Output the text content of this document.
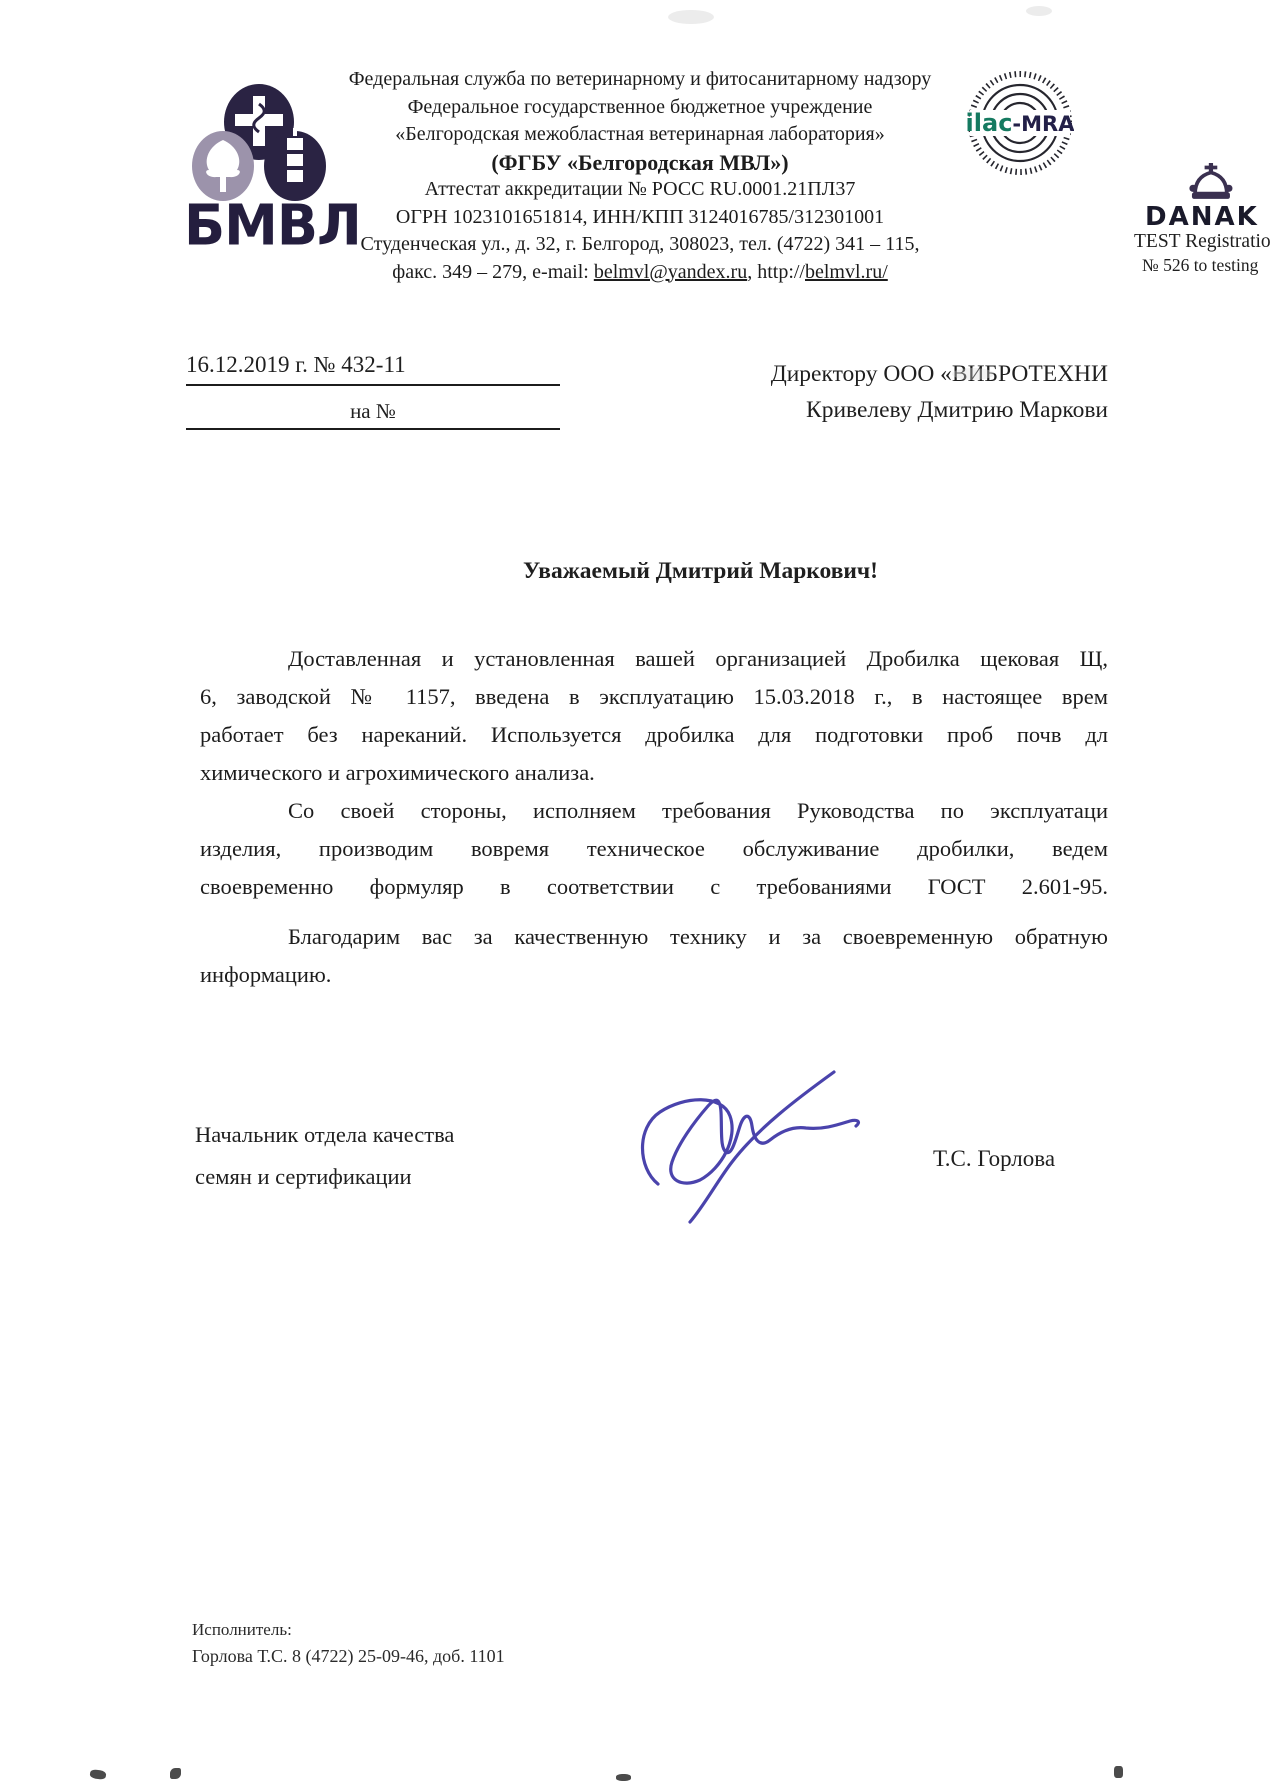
БМВЛ
Федеральная служба по ветеринарному и фитосанитарному надзору
Федеральное государственное бюджетное учреждение
«Белгородская межобластная ветеринарная лаборатория»
(ФГБУ «Белгородская МВЛ»)
Аттестат аккредитации № РОСС RU.0001.21ПЛ37
ОГРН 1023101651814, ИНН/КПП 3124016785/312301001
Студенческая ул., д. 32, г. Белгород, 308023, тел. (4722) 341 – 115,
факс. 349 – 279, e-mail: belmvl@yandex.ru, http://belmvl.ru/
ilac-MRA
DANAK
TEST Registratio
№ 526 to testing
16.12.2019 г. № 432-11
на №
Директору ООО «ВИБРОТЕХНИ
Кривелеву Дмитрию Маркови
Уважаемый Дмитрий Маркович!
Доставленная и установленная вашей организацией Дробилка щековая Щ,
6, заводской № 1157, введена в эксплуатацию 15.03.2018 г., в настоящее врем
работает без нареканий. Используется дробилка для подготовки проб почв дл
химического и агрохимического анализа.
Со своей стороны, исполняем требования Руководства по эксплуатаци
изделия, производим вовремя техническое обслуживание дробилки, ведем
своевременно формуляр в соответствии с требованиями ГОСТ 2.601-95.
Благодарим вас за качественную технику и за своевременную обратную
информацию.
Начальник отдела качества
семян и сертификации
Т.С. Горлова
Исполнитель:
Горлова Т.С. 8 (4722) 25-09-46, доб. 1101
